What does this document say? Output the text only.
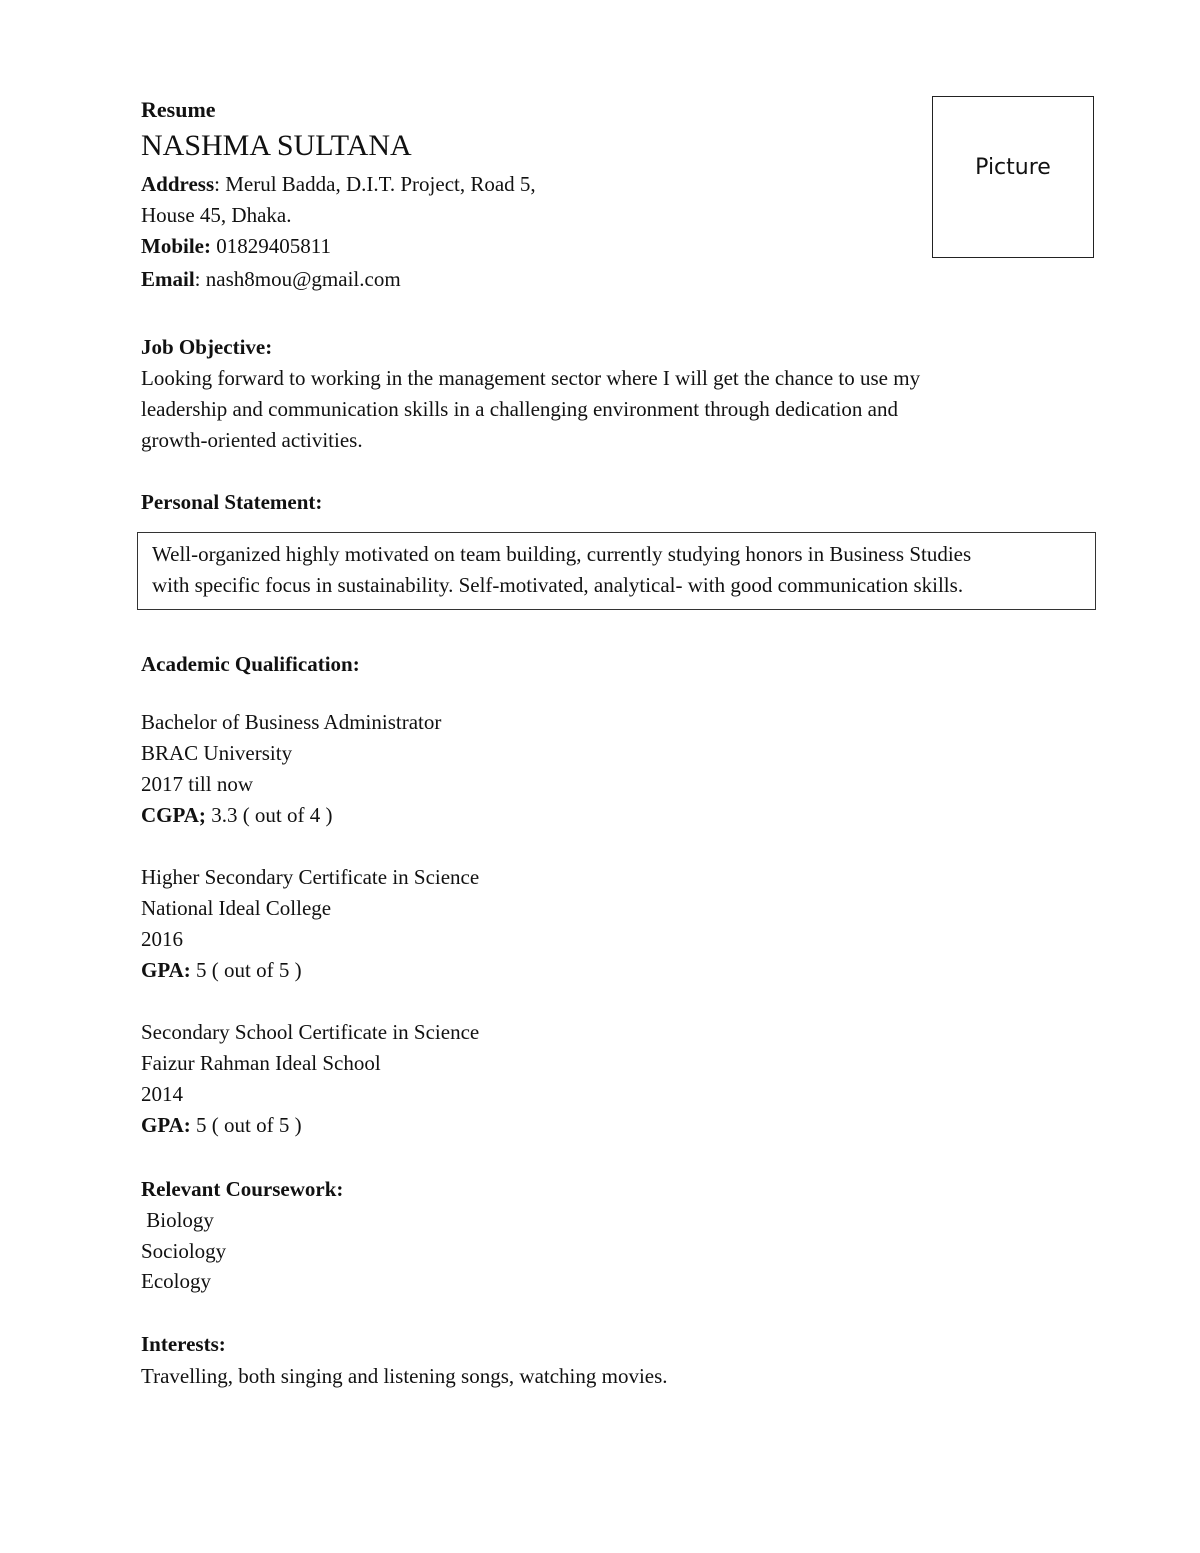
Resume
NASHMA SULTANA
Address: Merul Badda, D.I.T. Project, Road 5,
House 45, Dhaka.
Mobile: 01829405811
Email: nash8mou@gmail.com
Picture
Job Objective:
Looking forward to working in the management sector where I will get the chance to use my
leadership and communication skills in a challenging environment through dedication and
growth-oriented activities.
Personal Statement:
Well-organized highly motivated on team building, currently studying honors in Business Studies
with specific focus in sustainability. Self-motivated, analytical- with good communication skills.
Academic Qualification:
Bachelor of Business Administrator
BRAC University
2017 till now
CGPA; 3.3 ( out of 4 )
Higher Secondary Certificate in Science
National Ideal College
2016
GPA: 5 ( out of 5 )
Secondary School Certificate in Science
Faizur Rahman Ideal School
2014
GPA: 5 ( out of 5 )
Relevant Coursework:
Biology
Sociology
Ecology
Interests:
Travelling, both singing and listening songs, watching movies.
